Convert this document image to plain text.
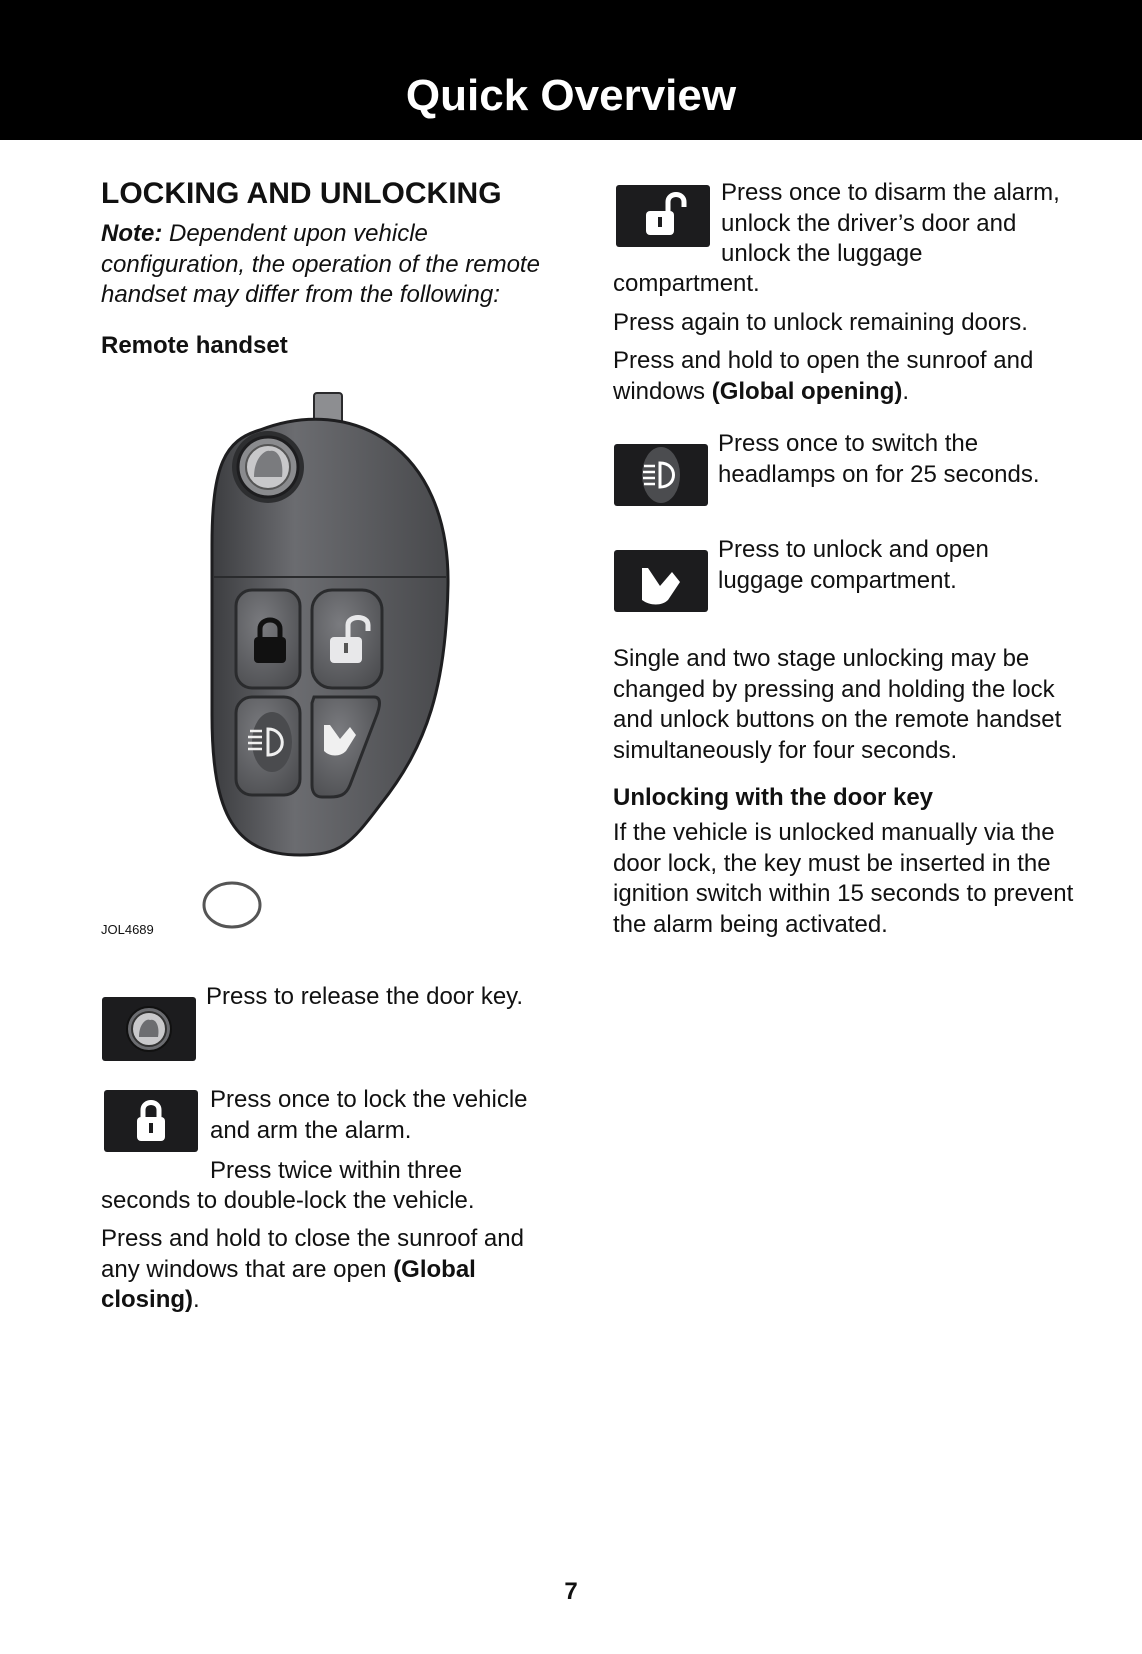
Quick Overview
LOCKING AND UNLOCKING
Note: Dependent upon vehicle configuration, the operation of the remote handset may differ from the following:
Remote handset
JOL4689
Press to release the door key.
Press once to lock the vehicle and arm the alarm.
Press twice within three
seconds to double-lock the vehicle.
Press and hold to close the sunroof and any windows that are open (Global closing).
Press once to disarm the alarm, unlock the driver’s door and unlock the luggage
compartment.
Press again to unlock remaining doors.
Press and hold to open the sunroof and windows (Global opening).
Press once to switch the headlamps on for 25 seconds.
Press to unlock and open luggage compartment.
Single and two stage unlocking may be changed by pressing and holding the lock and unlock buttons on the remote handset simultaneously for four seconds.
Unlocking with the door key
If the vehicle is unlocked manually via the door lock, the key must be inserted in the ignition switch within 15 seconds to prevent the alarm being activated.
7
